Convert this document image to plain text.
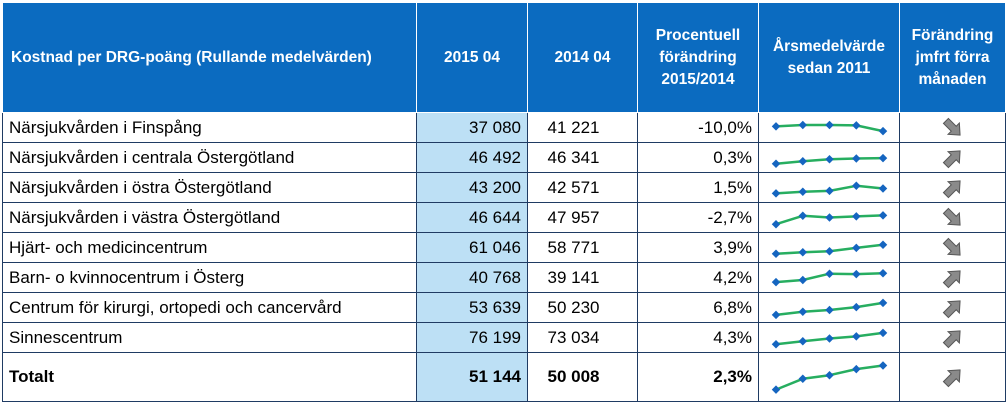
Kostnad per DRG-poäng (Rullande medelvärden)	2015 04	2014 04	Procentuell förändring 2015/2014	Årsmedelvärde sedan 2011	Förändring jmfrt förra månaden
Närsjukvården i Finspång	37 080	41 221	-10,0%	

Närsjukvården i centrala Östergötland	46 492	46 341	0,3%	

Närsjukvården i östra Östergötland	43 200	42 571	1,5%	

Närsjukvården i västra Östergötland	46 644	47 957	-2,7%	

Hjärt- och medicincentrum	61 046	58 771	3,9%	

Barn- o kvinnocentrum i Österg	40 768	39 141	4,2%	

Centrum för kirurgi, ortopedi och cancervård	53 639	50 230	6,8%	

Sinnescentrum	76 199	73 034	4,3%	

Totalt	51 144	50 008	2,3%	
